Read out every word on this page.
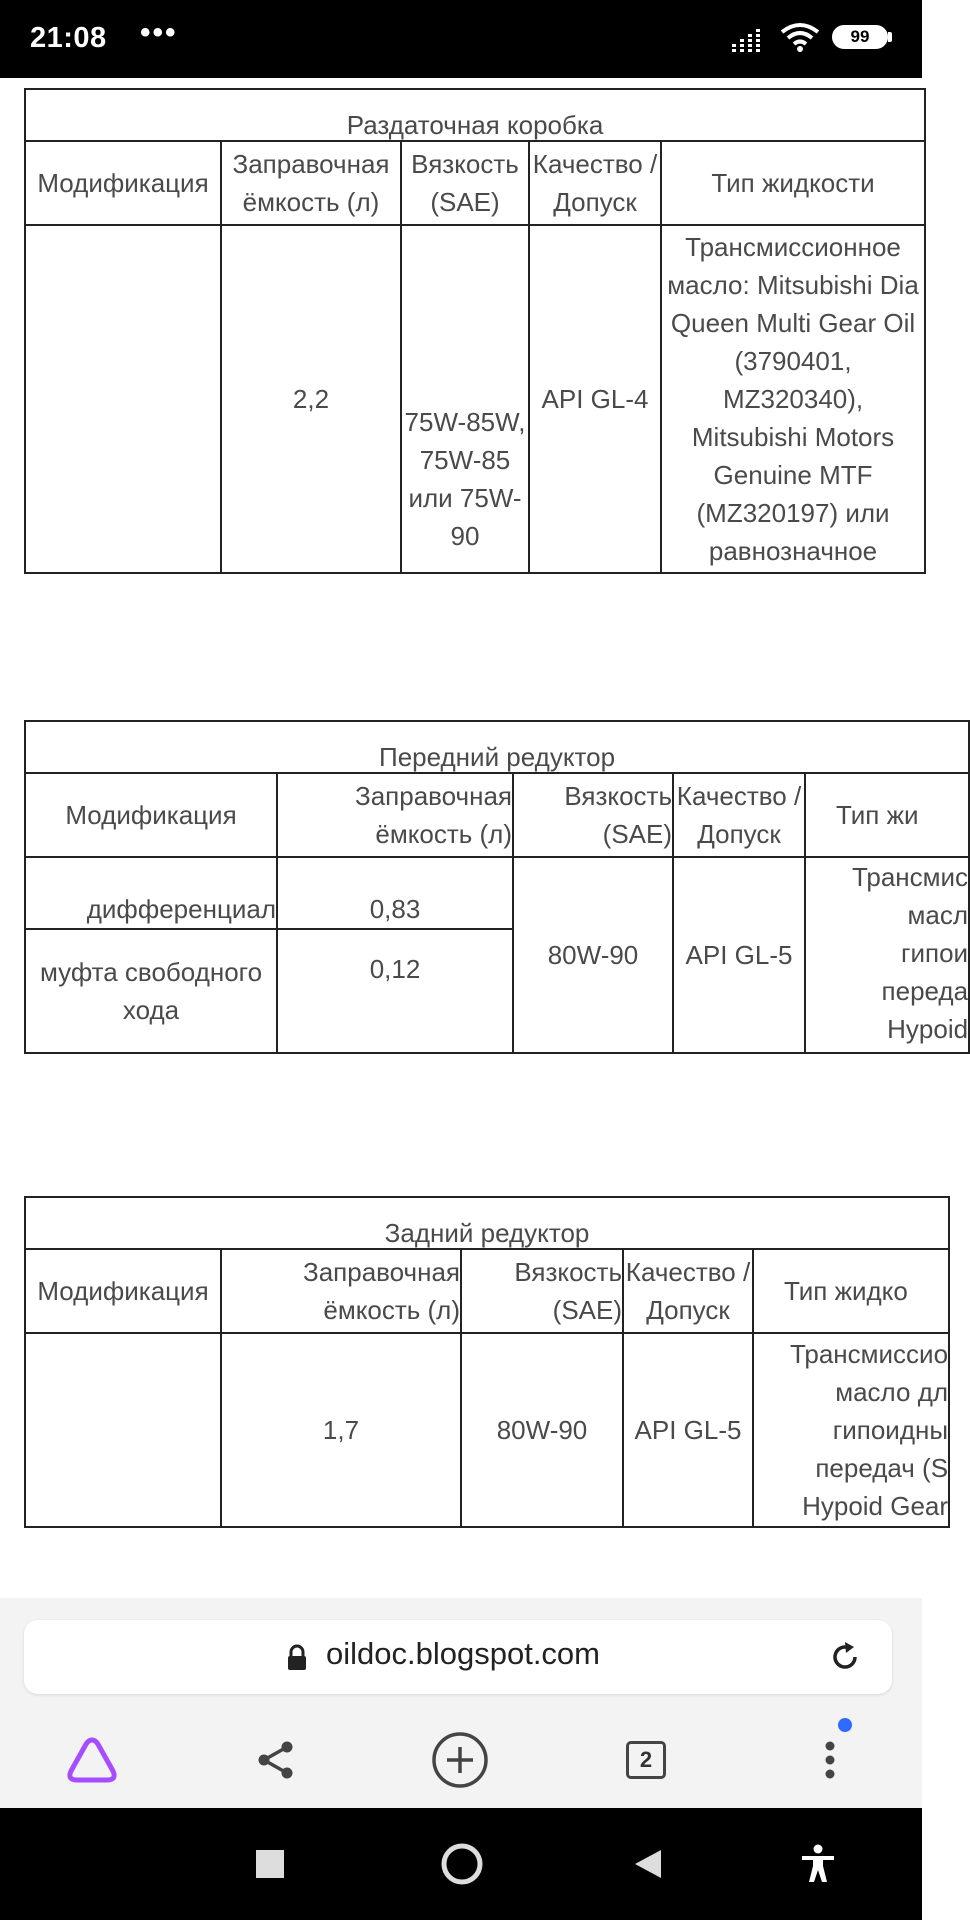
21:08 •••	99
Раздаточная коробка				
Модификация	Заправочная ёмкость (л)	Вязкость (SAE)	Качество / Допуск	Тип жидкости
	2,2	75W-85W, 75W-85 или 75W-90	API GL-4	Трансмиссионное масло: Mitsubishi Dia Queen Multi Gear Oil (3790401, MZ320340), Mitsubishi Motors Genuine MTF (MZ320197) или равнозначное
Передний редуктор				
Модификация	Заправочная ёмкость (л)	Вязкость (SAE)	Качество / Допуск	Тип жи
дифференциал	0,83	80W-90	API GL-5	Трансмис
масл
гипои
передa
Hypoid

муфта свободного хода	0,12			
Задний редуктор				
Модификация	Заправочная ёмкость (л)	Вязкость (SAE)	Качество / Допуск	Тип жидко
	1,7	80W-90	API GL-5	Трансмиссио
масло дл
гипоидны
передач (S
Hypoid Gear
oildoc.blogspot.com
2
